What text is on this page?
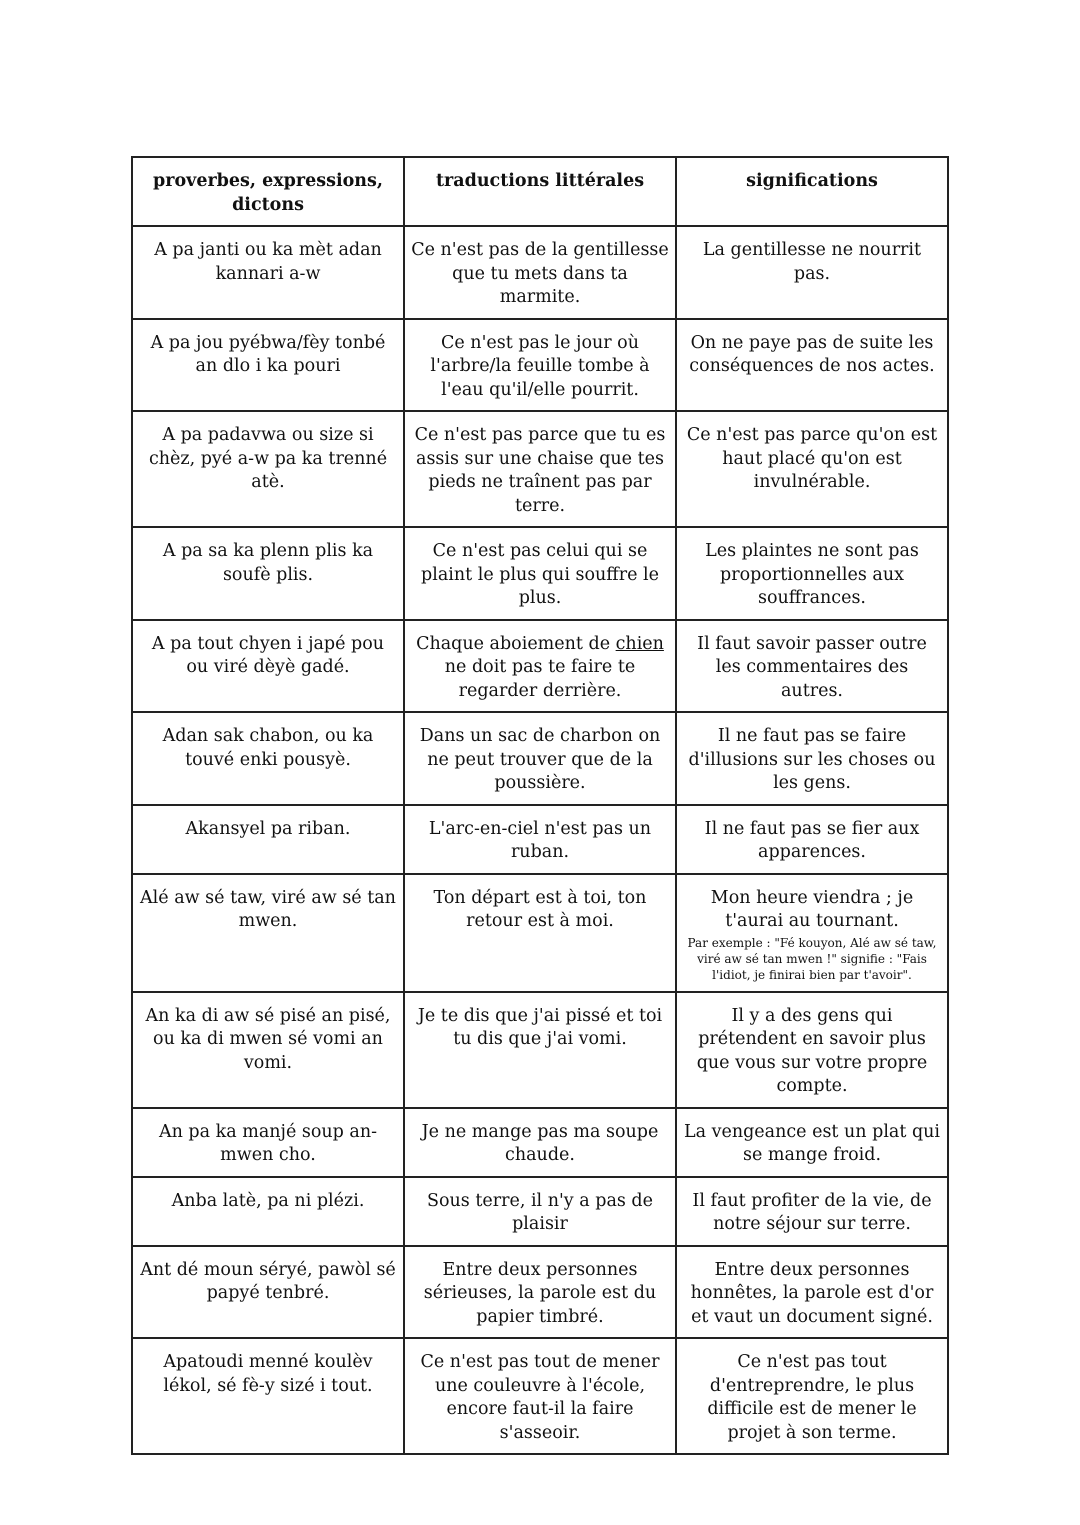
proverbes, expressions, dictons	traductions littérales	significations
A pa janti ou ka mèt adan kannari a-w	Ce n'est pas de la gentillesse que tu mets dans ta marmite.	La gentillesse ne nourrit pas.
A pa jou pyébwa/fèy tonbé an dlo i ka pouri	Ce n'est pas le jour où l'arbre/la feuille tombe à l'eau qu'il/elle pourrit.	On ne paye pas de suite les conséquences de nos actes.
A pa padavwa ou size si chèz, pyé a-w pa ka trenné atè.	Ce n'est pas parce que tu es assis sur une chaise que tes pieds ne traînent pas par terre.	Ce n'est pas parce qu'on est haut placé qu'on est invulnérable.
A pa sa ka plenn plis ka soufè plis.	Ce n'est pas celui qui se plaint le plus qui souffre le plus.	Les plaintes ne sont pas proportionnelles aux souffrances.
A pa tout chyen i japé pou ou viré dèyè gadé.	Chaque aboiement de chien ne doit pas te faire te regarder derrière.	Il faut savoir passer outre les commentaires des autres.
Adan sak chabon, ou ka touvé enki pousyè.	Dans un sac de charbon on ne peut trouver que de la poussière.	Il ne faut pas se faire d'illusions sur les choses ou les gens.
Akansyel pa riban.	L'arc-en-ciel n'est pas un ruban.	Il ne faut pas se fier aux apparences.
Alé aw sé taw, viré aw sé tan mwen.	Ton départ est à toi, ton retour est à moi.	Mon heure viendra ; je t'aurai au tournant.
Par exemple : "Fé kouyon, Alé aw sé taw, viré aw sé tan mwen !" signifie : "Fais l'idiot, je finirai bien par t'avoir".

An ka di aw sé pisé an pisé, ou ka di mwen sé vomi an vomi.	Je te dis que j'ai pissé et toi tu dis que j'ai vomi.	Il y a des gens qui prétendent en savoir plus que vous sur votre propre compte.
An pa ka manjé soup an-mwen cho.	Je ne mange pas ma soupe chaude.	La vengeance est un plat qui se mange froid.
Anba latè, pa ni plézi.	Sous terre, il n'y a pas de plaisir	Il faut profiter de la vie, de notre séjour sur terre.
Ant dé moun séryé, pawòl sé papyé tenbré.	Entre deux personnes sérieuses, la parole est du papier timbré.	Entre deux personnes honnêtes, la parole est d'or et vaut un document signé.
Apatoudi menné koulèv lékol, sé fè-y sizé i tout.	Ce n'est pas tout de mener une couleuvre à l'école, encore faut-il la faire s'asseoir.	Ce n'est pas tout d'entreprendre, le plus difficile est de mener le projet à son terme.
